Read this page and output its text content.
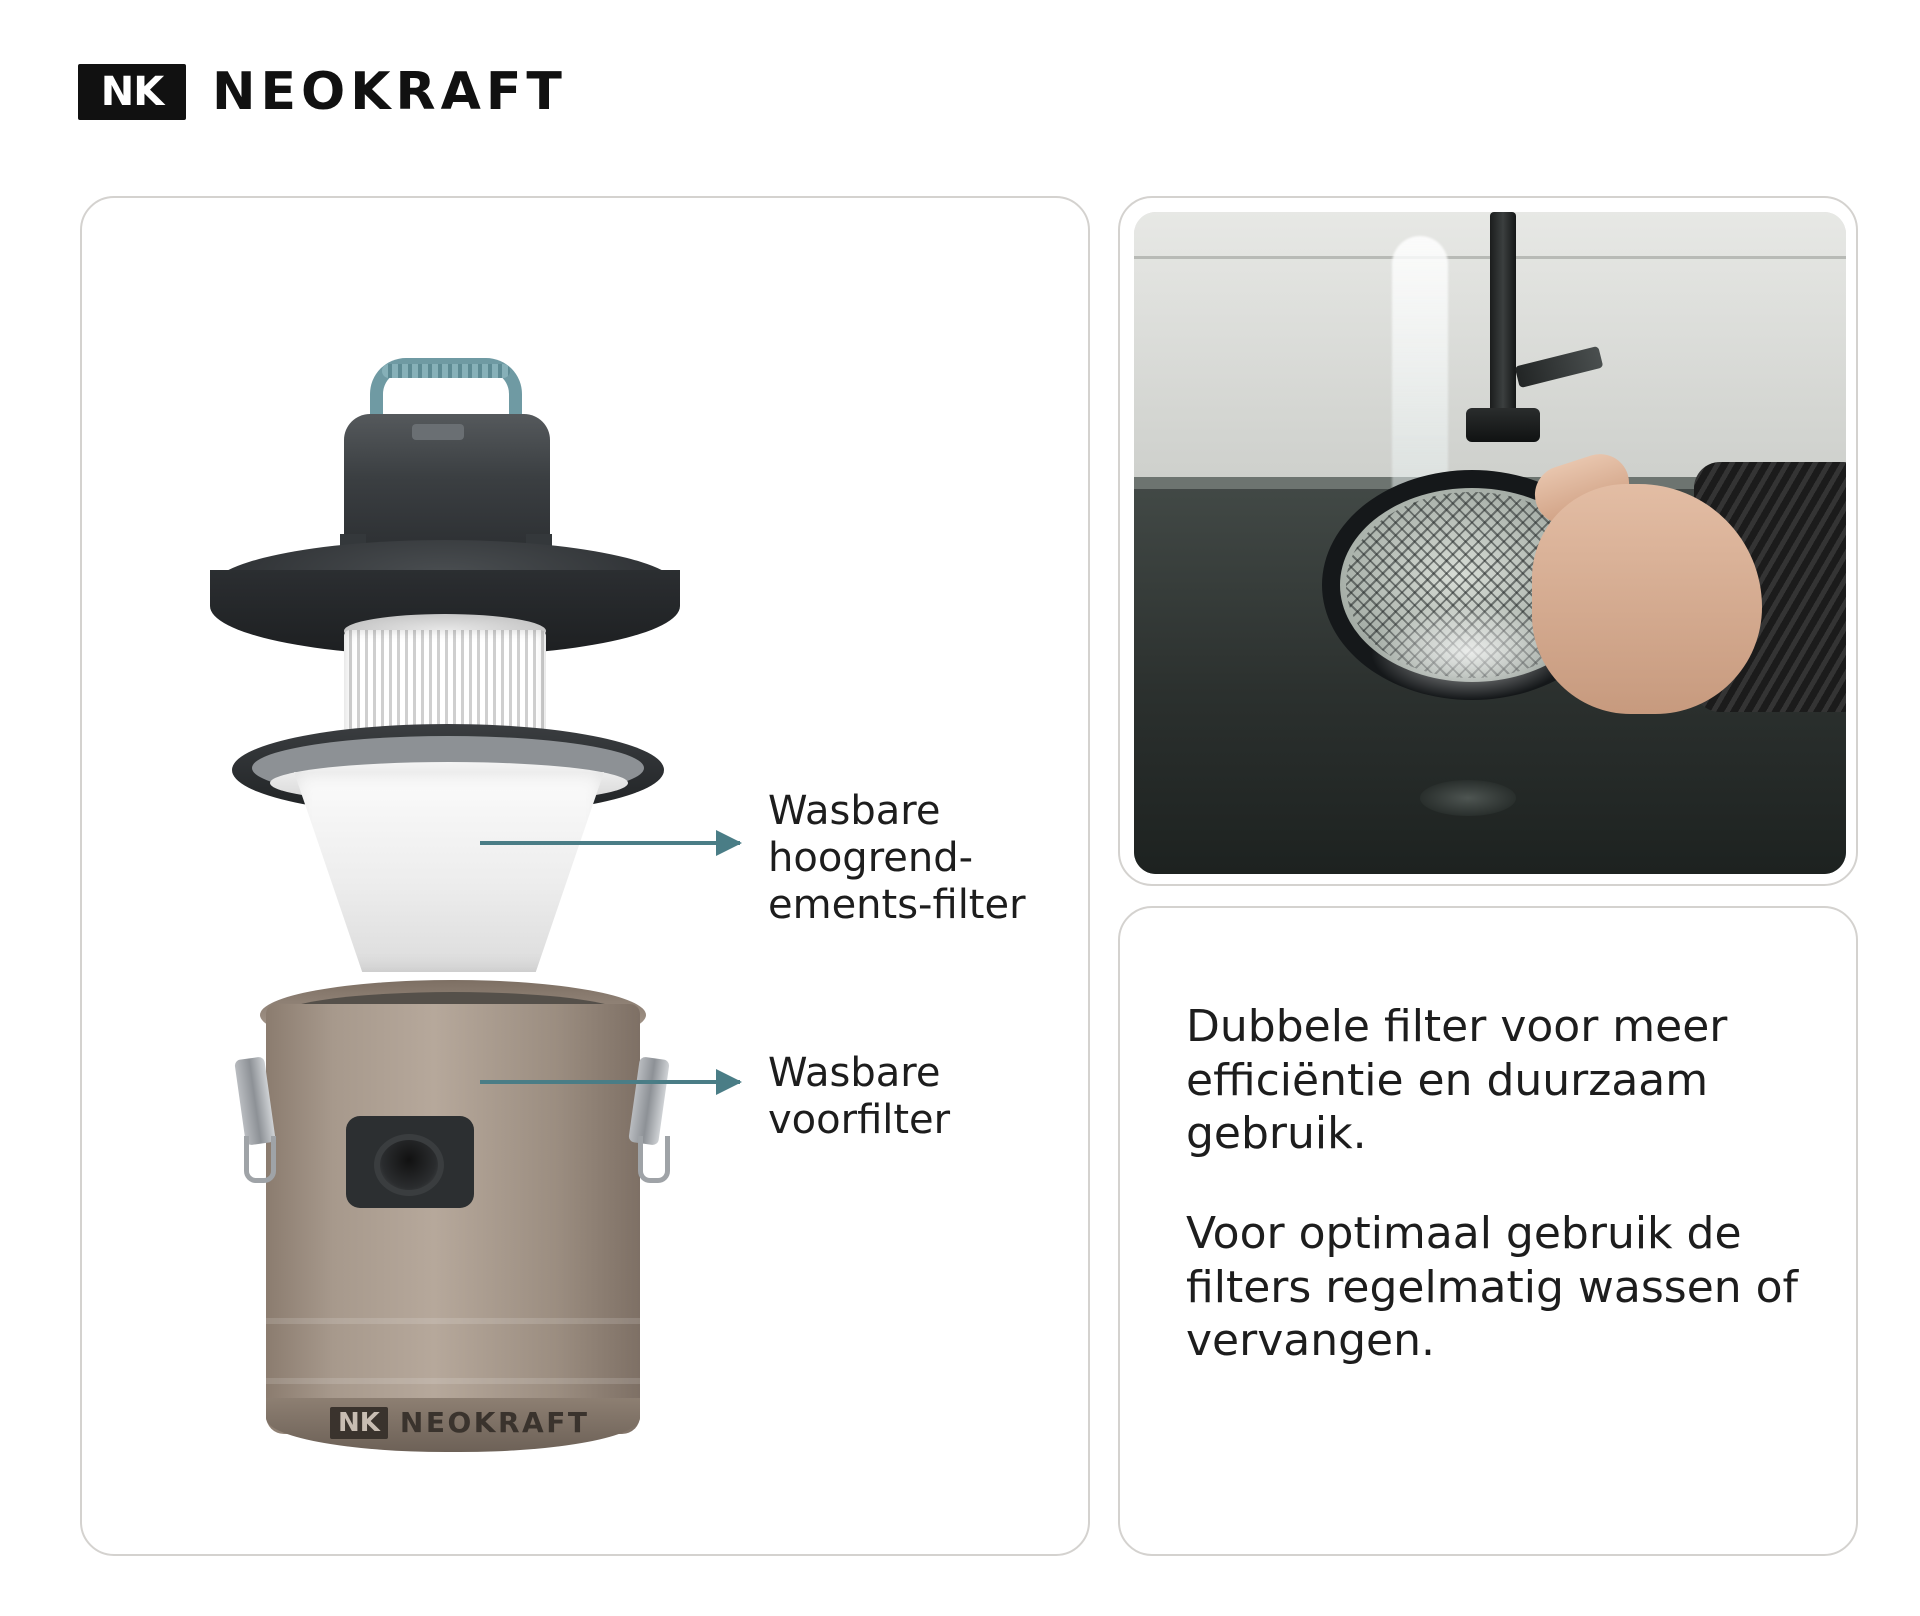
NK NEOKRAFT
NK NEOKRAFT
Wasbare hoogrend-ements-filter
Wasbare voorfilter

Dubbele filter voor meer efficiëntie en duurzaam gebruik.

Voor optimaal gebruik de filters regelmatig wassen of vervangen.
